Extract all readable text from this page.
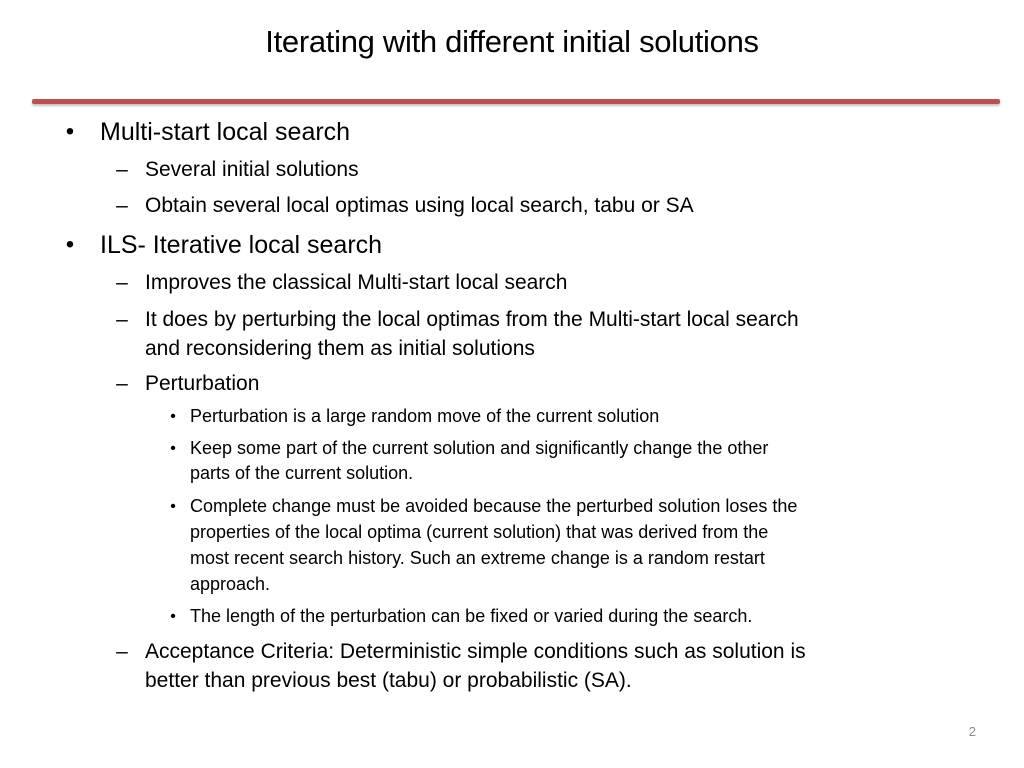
Iterating with different initial solutions
• Multi-start local search
– Several initial solutions
– Obtain several local optimas using local search, tabu or SA
• ILS- Iterative local search
– Improves the classical Multi-start local search
– It does by perturbing the local optimas from the Multi-start local search
and reconsidering them as initial solutions
– Perturbation
• Perturbation is a large random move of the current solution
• Keep some part of the current solution and significantly change the other
parts of the current solution.
• Complete change must be avoided because the perturbed solution loses the
properties of the local optima (current solution) that was derived from the
most recent search history. Such an extreme change is a random restart
approach.
• The length of the perturbation can be fixed or varied during the search.
– Acceptance Criteria: Deterministic simple conditions such as solution is
better than previous best (tabu) or probabilistic (SA).
2
